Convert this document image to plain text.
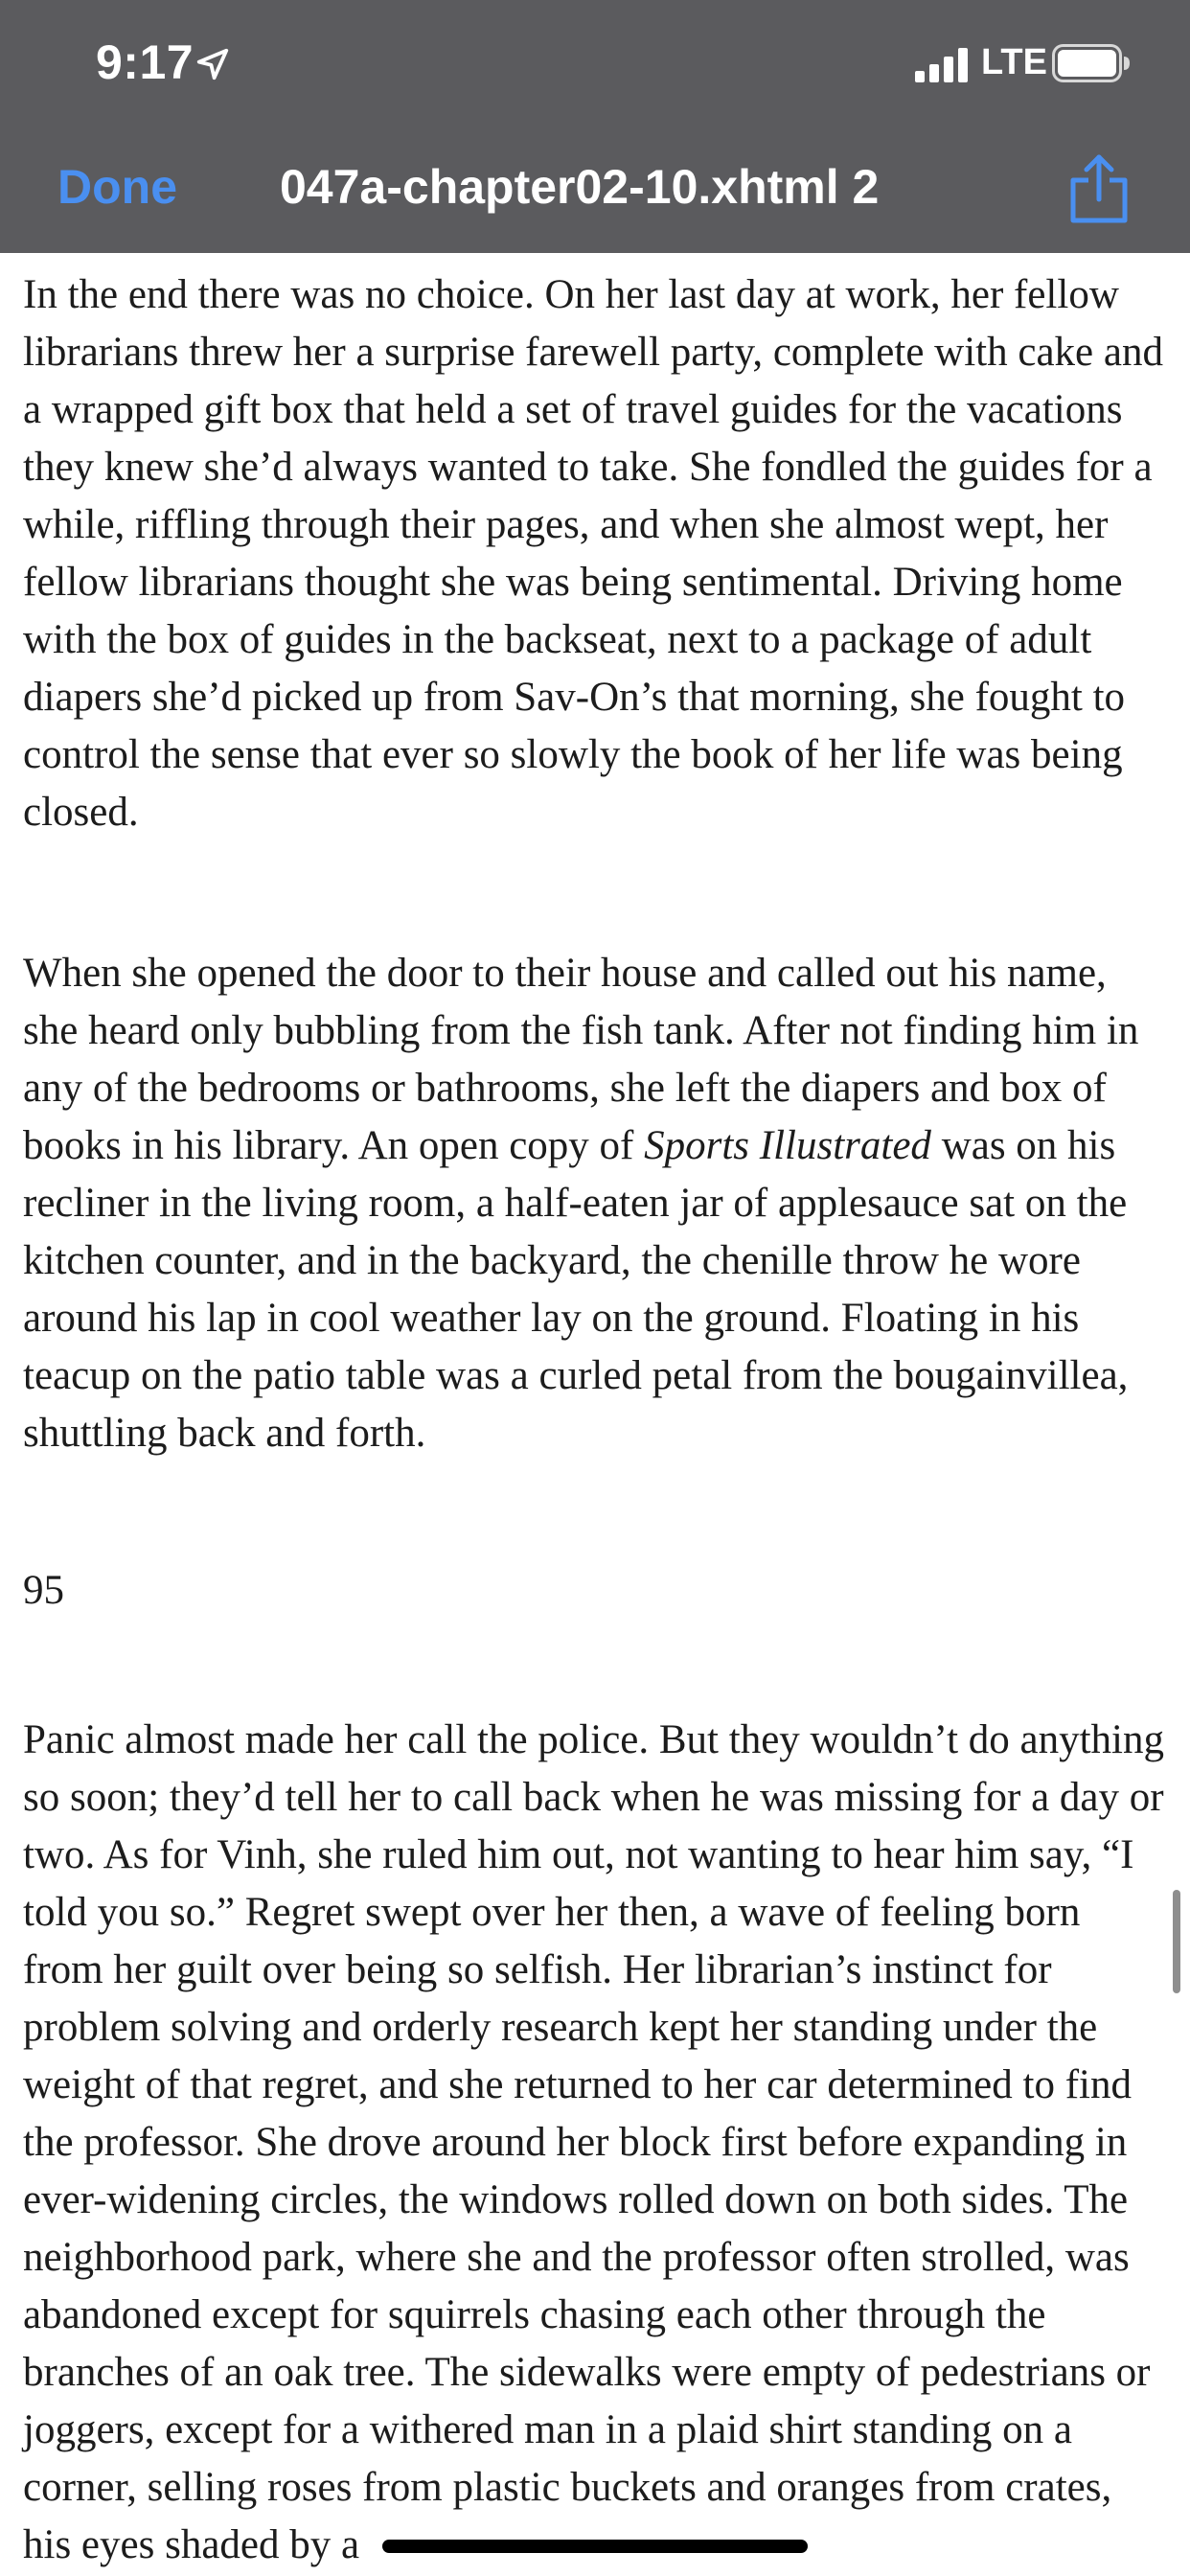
9:17	LTE
Done 047a-chapter02-10.xhtml 2

In the end there was no choice. On her last day at work, her fellow librarians threw her a surprise farewell party, complete with cake and a wrapped gift box that held a set of travel guides for the vacations they knew she’d always wanted to take. She fondled the guides for a while, riffling through their pages, and when she almost wept, her fellow librarians thought she was being sentimental. Driving home with the box of guides in the backseat, next to a package of adult diapers she’d picked up from Sav-On’s that morning, she fought to control the sense that ever so slowly the book of her life was being closed.

When she opened the door to their house and called out his name, she heard only bubbling from the fish tank. After not finding him in any of the bedrooms or bathrooms, she left the diapers and box of books in his library. An open copy of Sports Illustrated was on his recliner in the living room, a half-eaten jar of applesauce sat on the kitchen counter, and in the backyard, the chenille throw he wore around his lap in cool weather lay on the ground. Floating in his teacup on the patio table was a curled petal from the bougainvillea, shuttling back and forth.

95

Panic almost made her call the police. But they wouldn’t do anything so soon; they’d tell her to call back when he was missing for a day or two. As for Vinh, she ruled him out, not wanting to hear him say, “I told you so.” Regret swept over her then, a wave of feeling born from her guilt over being so selfish. Her librarian’s instinct for problem solving and orderly research kept her standing under the weight of that regret, and she returned to her car determined to find the professor. She drove around her block first before expanding in ever-widening circles, the windows rolled down on both sides. The neighborhood park, where she and the professor often strolled, was abandoned except for squirrels chasing each other through the branches of an oak tree. The sidewalks were empty of pedestrians or joggers, except for a withered man in a plaid shirt standing on a corner, selling roses from plastic buckets and oranges from crates, his eyes shaded by a
